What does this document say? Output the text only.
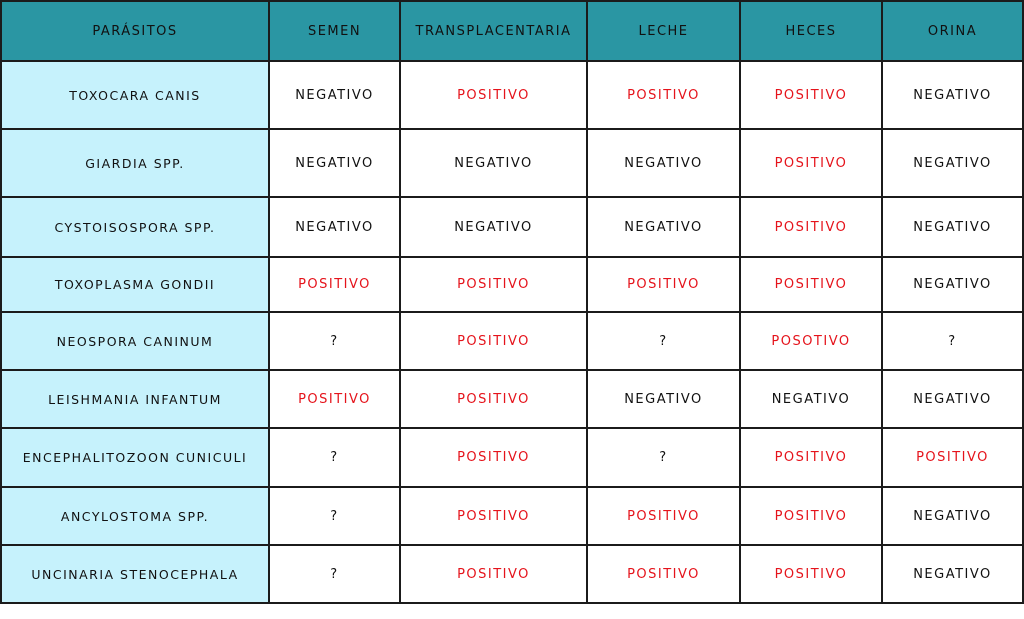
PARÁSITOS	SEMEN	TRANSPLACENTARIA	LECHE	HECES	ORINA
TOXOCARA CANIS	NEGATIVO	POSITIVO	POSITIVO	POSITIVO	NEGATIVO
GIARDIA SPP.	NEGATIVO	NEGATIVO	NEGATIVO	POSITIVO	NEGATIVO
CYSTOISOSPORA SPP.	NEGATIVO	NEGATIVO	NEGATIVO	POSITIVO	NEGATIVO
TOXOPLASMA GONDII	POSITIVO	POSITIVO	POSITIVO	POSITIVO	NEGATIVO
NEOSPORA CANINUM	?	POSITIVO	?	POSOTIVO	?
LEISHMANIA INFANTUM	POSITIVO	POSITIVO	NEGATIVO	NEGATIVO	NEGATIVO
ENCEPHALITOZOON CUNICULI	?	POSITIVO	?	POSITIVO	POSITIVO
ANCYLOSTOMA SPP.	?	POSITIVO	POSITIVO	POSITIVO	NEGATIVO
UNCINARIA STENOCEPHALA	?	POSITIVO	POSITIVO	POSITIVO	NEGATIVO
